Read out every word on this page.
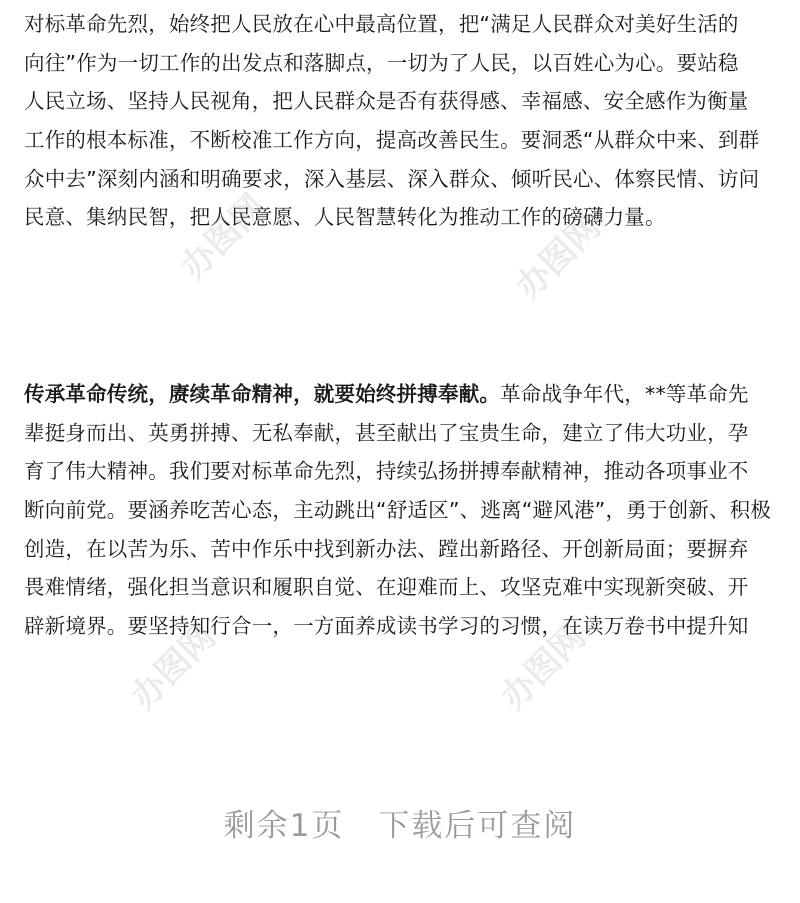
办图网	办图网
办图网	办图网

对标革命先烈，始终把人民放在心中最高位置，把“满足人民群众对美好生活的
向往”作为一切工作的出发点和落脚点，一切为了人民，以百姓心为心。要站稳
人民立场、坚持人民视角，把人民群众是否有获得感、幸福感、安全感作为衡量
工作的根本标准，不断校准工作方向，提高改善民生。要洞悉“从群众中来、到群
众中去”深刻内涵和明确要求，深入基层、深入群众、倾听民心、体察民情、访问
民意、集纳民智，把人民意愿、人民智慧转化为推动工作的磅礴力量。

传承革命传统，赓续革命精神，就要始终拼搏奉献。革命战争年代，**等革命先
辈挺身而出、英勇拼搏、无私奉献，甚至献出了宝贵生命，建立了伟大功业，孕
育了伟大精神。我们要对标革命先烈，持续弘扬拼搏奉献精神，推动各项事业不
断向前党。要涵养吃苦心态，主动跳出“舒适区”、逃离“避风港”，勇于创新、积极
创造，在以苦为乐、苦中作乐中找到新办法、蹚出新路径、开创新局面；要摒弃
畏难情绪，强化担当意识和履职自觉、在迎难而上、攻坚克难中实现新突破、开
辟新境界。要坚持知行合一，一方面养成读书学习的习惯，在读万卷书中提升知

剩余1页 下载后可查阅
